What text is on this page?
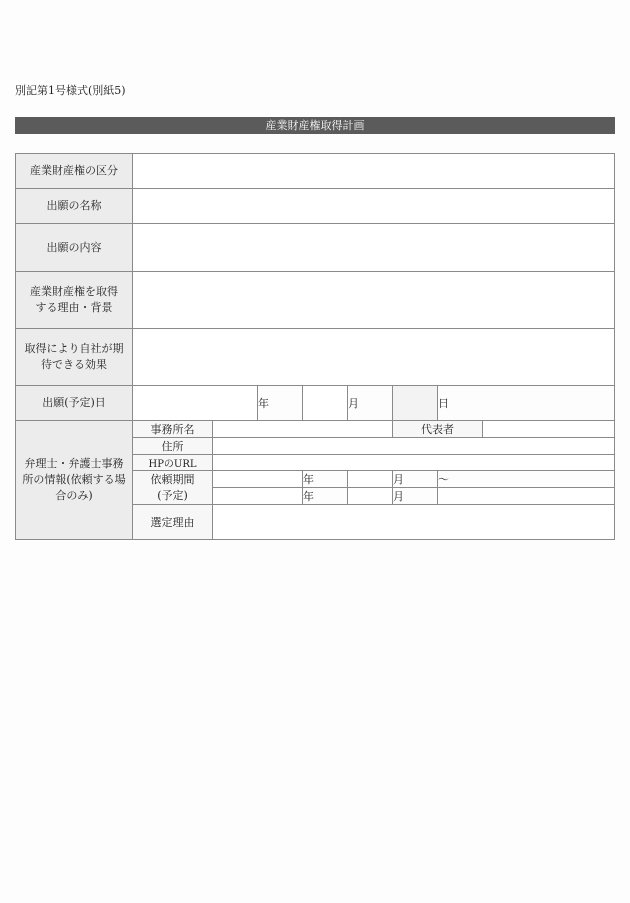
別記第1号様式(別紙5)
産業財産権取得計画
産業財産権の区分								
出願の名称								
出願の内容								
産業財産権を取得する理由・背景								
取得により自社が期待できる効果								
出願(予定)日			年		月		日	
弁理士・弁護士事務所の情報(依頼する場合のみ)	事務所名					代表者		
	住所							
	HPのURL							
	依頼期間(予定)			年		月	～	
				年		月		
	選定理由							
